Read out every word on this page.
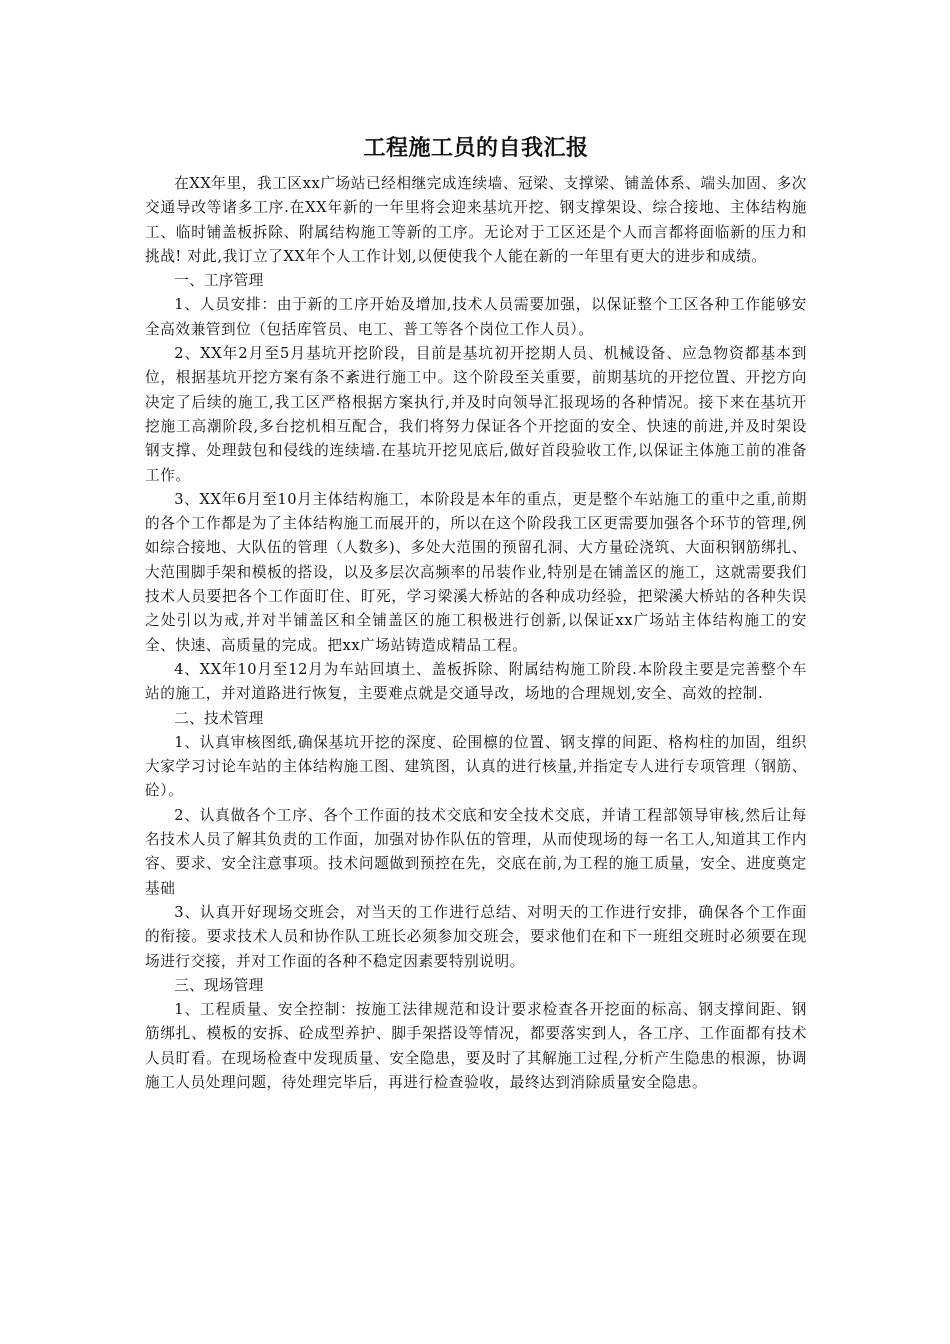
工程施工员的自我汇报

在XX年里，我工区xx广场站已经相继完成连续墙、冠梁、支撑梁、铺盖体系、端头加固、多次交通导改等诸多工序.在XX年新的一年里将会迎来基坑开挖、钢支撑架设、综合接地、主体结构施工、临时铺盖板拆除、附属结构施工等新的工序。无论对于工区还是个人而言都将面临新的压力和挑战! 对此,我订立了XX年个人工作计划,以便使我个人能在新的一年里有更大的进步和成绩。

一、工序管理

1、人员安排：由于新的工序开始及增加,技术人员需要加强，以保证整个工区各种工作能够安全高效兼管到位（包括库管员、电工、普工等各个岗位工作人员）。

2、XX年2月至5月基坑开挖阶段，目前是基坑初开挖期人员、机械设备、应急物资都基本到位，根据基坑开挖方案有条不紊进行施工中。这个阶段至关重要，前期基坑的开挖位置、开挖方向决定了后续的施工,我工区严格根据方案执行,并及时向领导汇报现场的各种情况。接下来在基坑开挖施工高潮阶段,多台挖机相互配合，我们将努力保证各个开挖面的安全、快速的前进,并及时架设钢支撑、处理鼓包和侵线的连续墙.在基坑开挖见底后,做好首段验收工作,以保证主体施工前的准备工作。

3、XX年6月至10月主体结构施工，本阶段是本年的重点，更是整个车站施工的重中之重,前期的各个工作都是为了主体结构施工而展开的，所以在这个阶段我工区更需要加强各个环节的管理,例如综合接地、大队伍的管理（人数多)、多处大范围的预留孔洞、大方量砼浇筑、大面积钢筋绑扎、大范围脚手架和模板的搭设，以及多层次高频率的吊装作业,特别是在铺盖区的施工，这就需要我们技术人员要把各个工作面盯住、盯死，学习梁溪大桥站的各种成功经验，把梁溪大桥站的各种失误之处引以为戒,并对半铺盖区和全铺盖区的施工积极进行创新,以保证xx广场站主体结构施工的安全、快速、高质量的完成。把xx广场站铸造成精品工程。

4、XX年10月至12月为车站回填土、盖板拆除、附属结构施工阶段.本阶段主要是完善整个车站的施工，并对道路进行恢复，主要难点就是交通导改，场地的合理规划,安全、高效的控制.

二、技术管理

1、认真审核图纸,确保基坑开挖的深度、砼围檩的位置、钢支撑的间距、格构柱的加固，组织大家学习讨论车站的主体结构施工图、建筑图，认真的进行核量,并指定专人进行专项管理（钢筋、砼）。

2、认真做各个工序、各个工作面的技术交底和安全技术交底，并请工程部领导审核,然后让每名技术人员了解其负责的工作面，加强对协作队伍的管理，从而使现场的每一名工人,知道其工作内容、要求、安全注意事项。技术问题做到预控在先，交底在前,为工程的施工质量，安全、进度奠定基础

3、认真开好现场交班会，对当天的工作进行总结、对明天的工作进行安排，确保各个工作面的衔接。要求技术人员和协作队工班长必须参加交班会，要求他们在和下一班组交班时必须要在现场进行交接，并对工作面的各种不稳定因素要特别说明。

三、现场管理

1、工程质量、安全控制：按施工法律规范和设计要求检查各开挖面的标高、钢支撑间距、钢筋绑扎、模板的安拆、砼成型养护、脚手架搭设等情况，都要落实到人，各工序、工作面都有技术人员盯看。在现场检查中发现质量、安全隐患，要及时了其解施工过程,分析产生隐患的根源，协调施工人员处理问题，待处理完毕后，再进行检查验收，最终达到消除质量安全隐患。
